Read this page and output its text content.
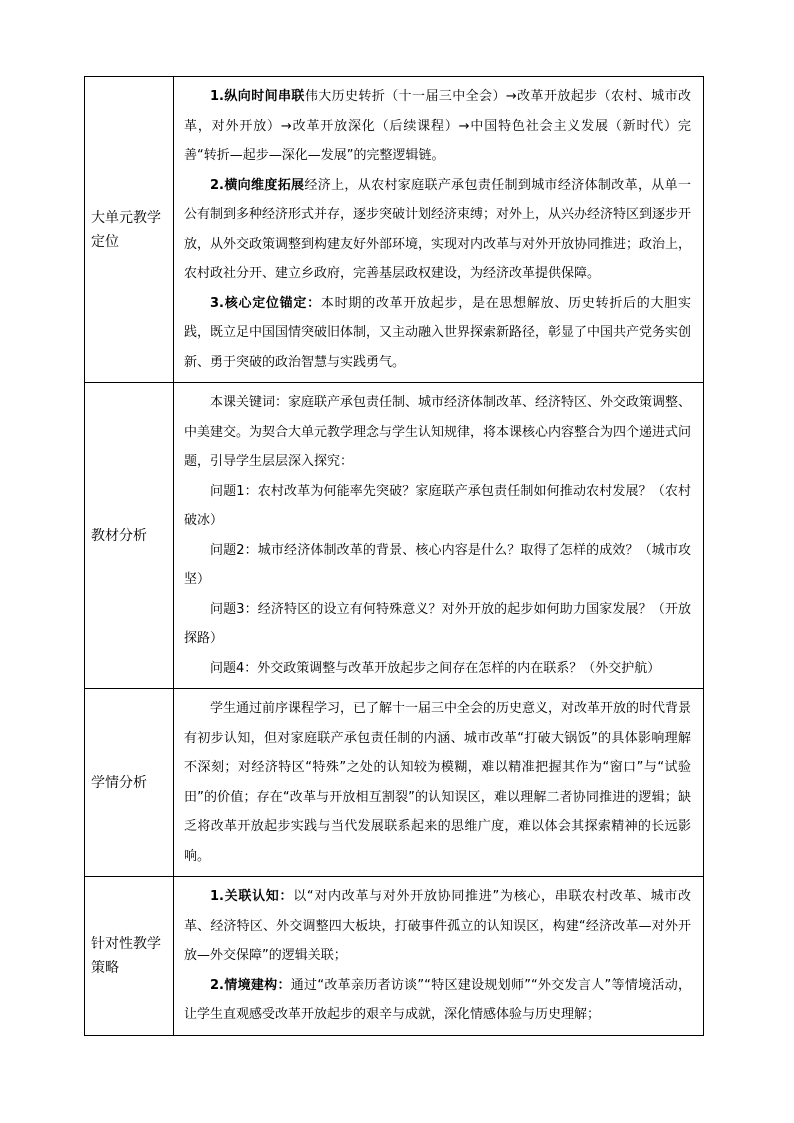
大单元教学定位	1.纵向时间串联伟大历史转折（十一届三中全会）→改革开放起步（农村、城市改革，对外开放）→改革开放深化（后续课程）→中国特色社会主义发展（新时代）完善“转折—起步—深化—发展”的完整逻辑链。

2.横向维度拓展经济上，从农村家庭联产承包责任制到城市经济体制改革，从单一公有制到多种经济形式并存，逐步突破计划经济束缚；对外上，从兴办经济特区到逐步开放，从外交政策调整到构建友好外部环境，实现对内改革与对外开放协同推进；政治上，农村政社分开、建立乡政府，完善基层政权建设，为经济改革提供保障。

3.核心定位锚定：本时期的改革开放起步，是在思想解放、历史转折后的大胆实践，既立足中国国情突破旧体制，又主动融入世界探索新路径，彰显了中国共产党务实创新、勇于突破的政治智慧与实践勇气。

教材分析	本课关键词：家庭联产承包责任制、城市经济体制改革、经济特区、外交政策调整、中美建交。为契合大单元教学理念与学生认知规律，将本课核心内容整合为四个递进式问题，引导学生层层深入探究：

问题1：农村改革为何能率先突破？家庭联产承包责任制如何推动农村发展？（农村破冰）

问题2：城市经济体制改革的背景、核心内容是什么？取得了怎样的成效？（城市攻坚）

问题3：经济特区的设立有何特殊意义？对外开放的起步如何助力国家发展？（开放探路）

问题4：外交政策调整与改革开放起步之间存在怎样的内在联系？（外交护航）

学情分析	学生通过前序课程学习，已了解十一届三中全会的历史意义，对改革开放的时代背景有初步认知，但对家庭联产承包责任制的内涵、城市改革“打破大锅饭”的具体影响理解不深刻；对经济特区“特殊”之处的认知较为模糊，难以精准把握其作为“窗口”与“试验田”的价值；存在“改革与开放相互割裂”的认知误区，难以理解二者协同推进的逻辑；缺乏将改革开放起步实践与当代发展联系起来的思维广度，难以体会其探索精神的长远影响。

针对性教学策略	1.关联认知：以“对内改革与对外开放协同推进”为核心，串联农村改革、城市改革、经济特区、外交调整四大板块，打破事件孤立的认知误区，构建“经济改革—对外开放—外交保障”的逻辑关联；

2.情境建构：通过“改革亲历者访谈”“特区建设规划师”“外交发言人”等情境活动，让学生直观感受改革开放起步的艰辛与成就，深化情感体验与历史理解；
